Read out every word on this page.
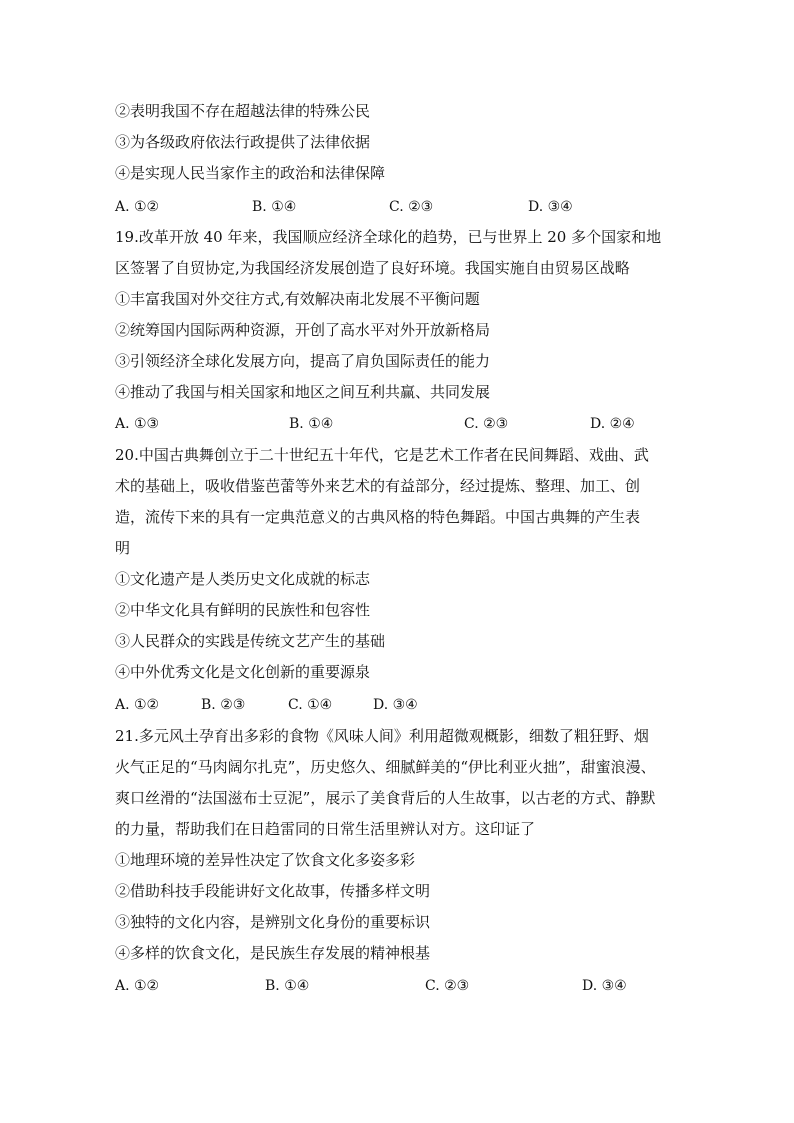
②表明我国不存在超越法律的特殊公民
③为各级政府依法行政提供了法律依据
④是实现人民当家作主的政治和法律保障
A. ①②	B. ①④	C. ②③	D. ③④
19.改革开放 40 年来，我国顺应经济全球化的趋势，已与世界上 20 多个国家和地
区签署了自贸协定,为我国经济发展创造了良好环境。我国实施自由贸易区战略
①丰富我国对外交往方式,有效解决南北发展不平衡问题
②统筹国内国际两种资源，开创了高水平对外开放新格局
③引领经济全球化发展方向，提高了肩负国际责任的能力
④推动了我国与相关国家和地区之间互利共赢、共同发展
A. ①③	B. ①④	C. ②③	D. ②④
20.中国古典舞创立于二十世纪五十年代，它是艺术工作者在民间舞蹈、戏曲、武
术的基础上，吸收借鉴芭蕾等外来艺术的有益部分，经过提炼、整理、加工、创
造，流传下来的具有一定典范意义的古典风格的特色舞蹈。中国古典舞的产生表
明
①文化遗产是人类历史文化成就的标志
②中华文化具有鲜明的民族性和包容性
③人民群众的实践是传统文艺产生的基础
④中外优秀文化是文化创新的重要源泉
A. ①②	B. ②③	C. ①④	D. ③④
21.多元风土孕育出多彩的食物《风味人间》利用超微观概影，细数了粗狂野、烟
火气正足的“马肉阔尔扎克”，历史悠久、细腻鲜美的“伊比利亚火拙”，甜蜜浪漫、
爽口丝滑的“法国滋布士豆泥”，展示了美食背后的人生故事，以古老的方式、静默
的力量，帮助我们在日趋雷同的日常生活里辨认对方。这印证了
①地理环境的差异性决定了饮食文化多姿多彩
②借助科技手段能讲好文化故事，传播多样文明
③独特的文化内容，是辨别文化身份的重要标识
④多样的饮食文化，是民族生存发展的精神根基
A. ①②	B. ①④	C. ②③	D. ③④
